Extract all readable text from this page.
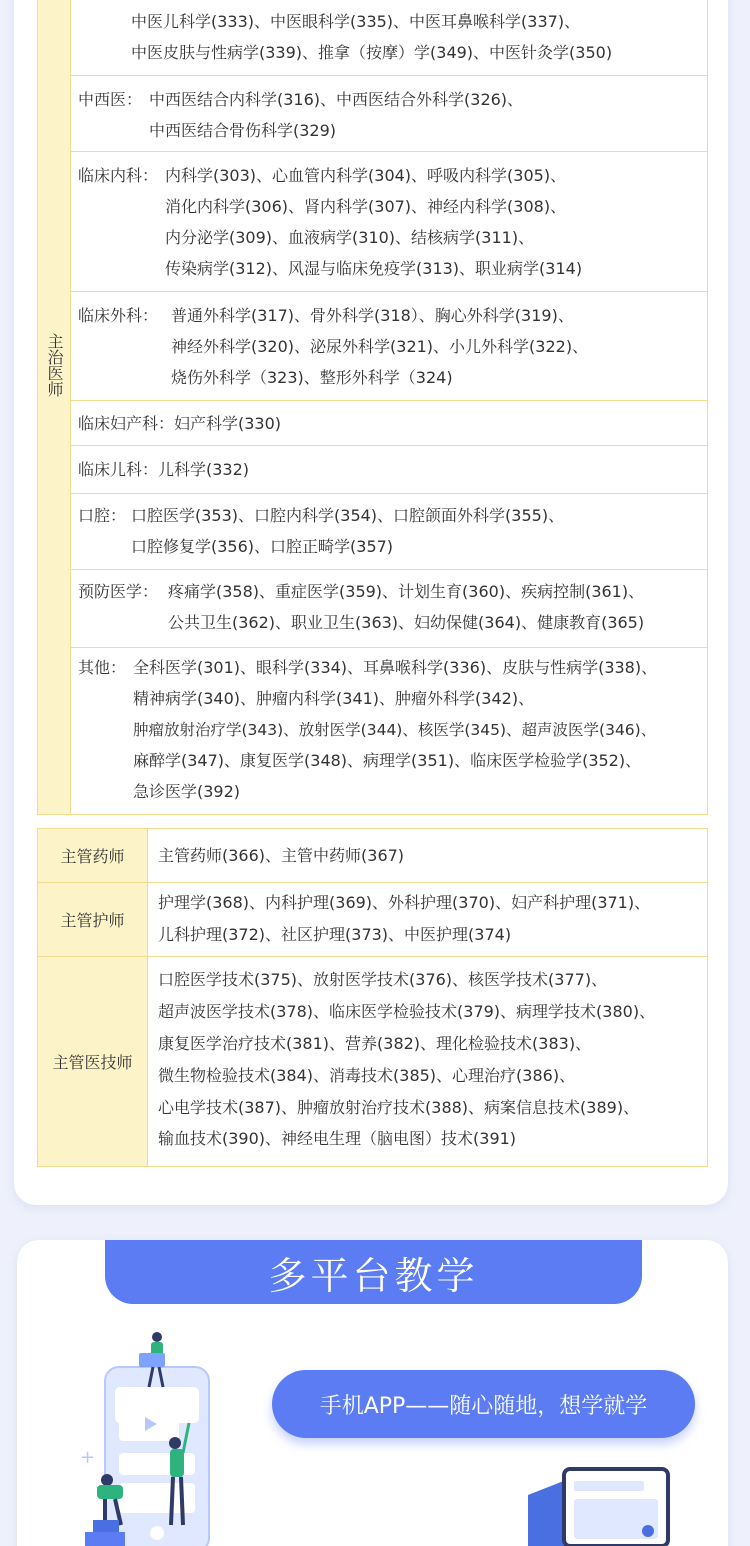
主治医师
中医儿科学(333)、中医眼科学(335)、中医耳鼻喉科学(337)、
中医皮肤与性病学(339)、推拿（按摩）学(349)、中医针灸学(350)
中西医： 中西医结合内科学(316)、中西医结合外科学(326)、
中西医结合骨伤科学(329)
临床内科： 内科学(303)、心血管内科学(304)、呼吸内科学(305)、
消化内科学(306)、肾内科学(307)、神经内科学(308)、
内分泌学(309)、血液病学(310)、结核病学(311)、
传染病学(312)、风湿与临床免疫学(313)、职业病学(314)
临床外科： 普通外科学(317)、骨外科学(318）、胸心外科学(319)、
神经外科学(320)、泌尿外科学(321)、小儿外科学(322)、
烧伤外科学（323)、整形外科学（324)
临床妇产科：妇产科学(330)
临床儿科：儿科学(332)
口腔： 口腔医学(353)、口腔内科学(354)、口腔颌面外科学(355)、
口腔修复学(356)、口腔正畸学(357)
预防医学： 疼痛学(358)、重症医学(359)、计划生育(360)、疾病控制(361)、
公共卫生(362)、职业卫生(363)、妇幼保健(364)、健康教育(365)
其他： 全科医学(301)、眼科学(334)、耳鼻喉科学(336)、皮肤与性病学(338)、
精神病学(340)、肿瘤内科学(341)、肿瘤外科学(342)、
肿瘤放射治疗学(343)、放射医学(344)、核医学(345)、超声波医学(346)、
麻醉学(347)、康复医学(348)、病理学(351)、临床医学检验学(352)、
急诊医学(392)
主管药师	主管药师(366)、主管中药师(367)
主管护师
护理学(368)、内科护理(369)、外科护理(370)、妇产科护理(371)、
儿科护理(372)、社区护理(373)、中医护理(374)
主管医技师
口腔医学技术(375)、放射医学技术(376)、核医学技术(377)、
超声波医学技术(378)、临床医学检验技术(379)、病理学技术(380)、
康复医学治疗技术(381)、营养(382)、理化检验技术(383)、
微生物检验技术(384)、消毒技术(385)、心理治疗(386)、
心电学技术(387)、肿瘤放射治疗技术(388)、病案信息技术(389)、
输血技术(390)、神经电生理（脑电图）技术(391)
多平台教学
+
手机APP——随心随地，想学就学
